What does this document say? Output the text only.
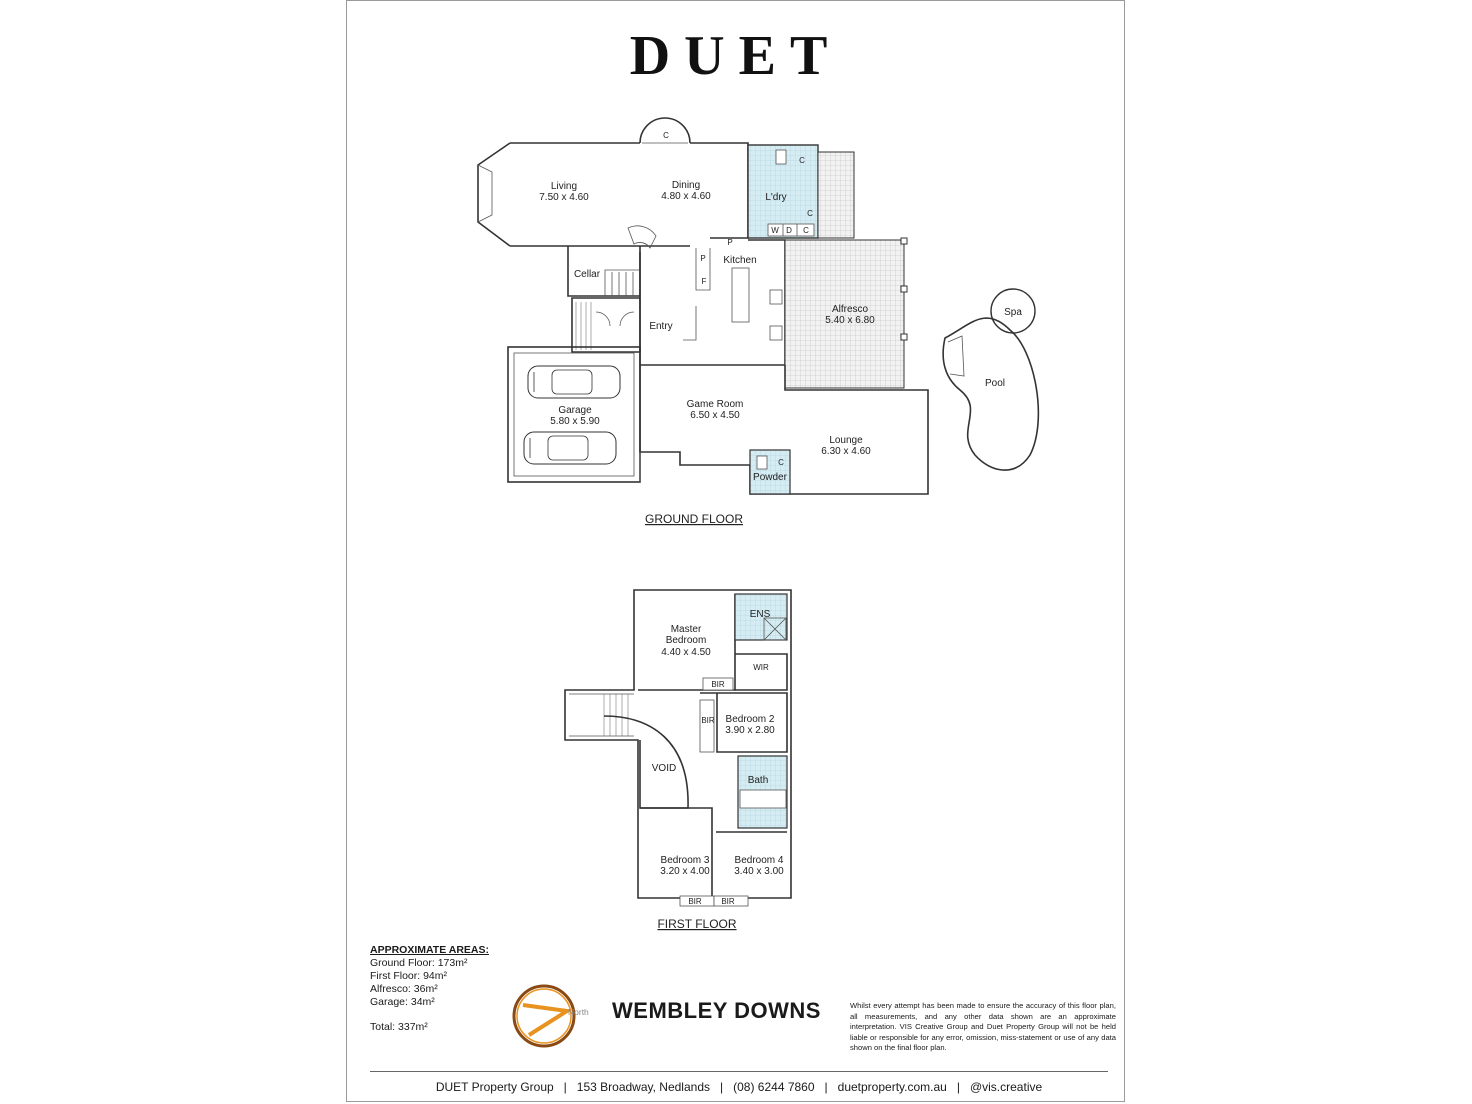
DUET
Living
7.50 x 4.60
Dining
4.80 x 4.60	L'dry
Cellar
Kitchen
Entry
Alfresco
5.40 x 6.80
Spa
Pool
Garage
5.80 x 5.90
Game Room
6.50 x 4.50
Lounge
6.30 x 4.60
Powder
C
C
C
W D C
P
P
F
C
GROUND FLOOR
Master
Bedroom
4.40 x 4.50
ENS
WIR
BIR
BIR Bedroom 2
3.90 x 2.80
VOID
Bath
Bedroom 3
3.20 x 4.00
Bedroom 4
3.40 x 3.00
BIR BIR
FIRST FLOOR
APPROXIMATE AREAS:
Ground Floor: 173m²
First Floor: 94m²
Alfresco: 36m²
Garage: 34m²
Total: 337m²
North WEMBLEY DOWNS	Whilst every attempt has been made to ensure the accuracy of this floor plan, all measurements, and any other data shown are an approximate interpretation. VIS Creative Group and Duet Property Group will not be held liable or responsible for any error, omission, miss-statement or use of any data shown on the final floor plan.
DUET Property Group | 153 Broadway, Nedlands | (08) 6244 7860 | duetproperty.com.au | @vis.creative
